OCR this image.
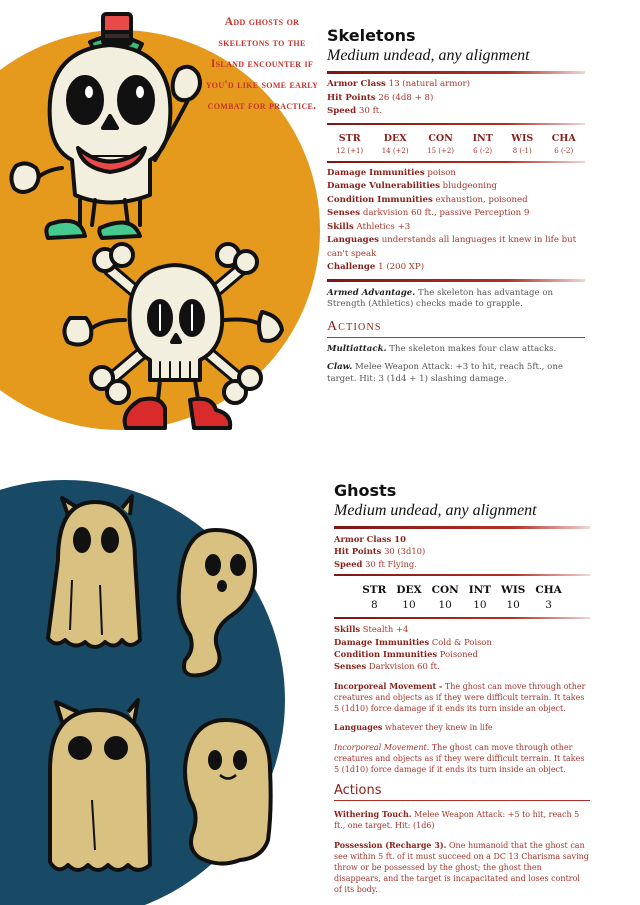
Add ghosts or skeletons to the Island encounter if you'd like some early combat for practice.
Skeletons
Medium undead, any alignment
Armor Class 13 (natural armor)
Hit Points 26 (4d8 + 8)
Speed 30 ft.
STR
12 (+1)
DEX
14 (+2)
CON
15 (+2)
INT
6 (-2)
WIS
8 (-1)
CHA
6 (-2)
Damage Immunities poison
Damage Vulnerabilities bludgeoning
Condition Immunities exhaustion, poisoned
Senses darkvision 60 ft., passive Perception 9
Skills Athletics +3
Languages understands all languages it knew in life but can't speak
Challenge 1 (200 XP)
Armed Advantage. The skeleton has advantage on Strength (Athletics) checks made to grapple.
Actions
Multiattack. The skeleton makes four claw attacks.
Claw. Melee Weapon Attack: +3 to hit, reach 5ft., one target. Hit: 3 (1d4 + 1) slashing damage.
Ghosts
Medium undead, any alignment
Armor Class 10
Hit Points 30 (3d10)
Speed 30 ft Flying.
STR
8
DEX
10
CON
10
INT
10
WIS
10
CHA
3
Skills Stealth +4
Damage Immunities Cold & Poison
Condition Immunities Poisoned
Senses Darkvision 60 ft.
Incorporeal Movement - The ghost can move through other creatures and objects as if they were difficult terrain. It takes 5 (1d10) force damage if it ends its turn inside an object.
Languages whatever they knew in life
Incorporeal Movement. The ghost can move through other creatures and objects as if they were difficult terrain. It takes 5 (1d10) force damage if it ends its turn inside an object.
Actions
Withering Touch. Melee Weapon Attack: +5 to hit, reach 5 ft., one target. Hit: (1d6)
Possession (Recharge 3). One humanoid that the ghost can see within 5 ft. of it must succeed on a DC 13 Charisma saving throw or be possessed by the ghost; the ghost then disappears, and the target is incapacitated and loses control of its body.
